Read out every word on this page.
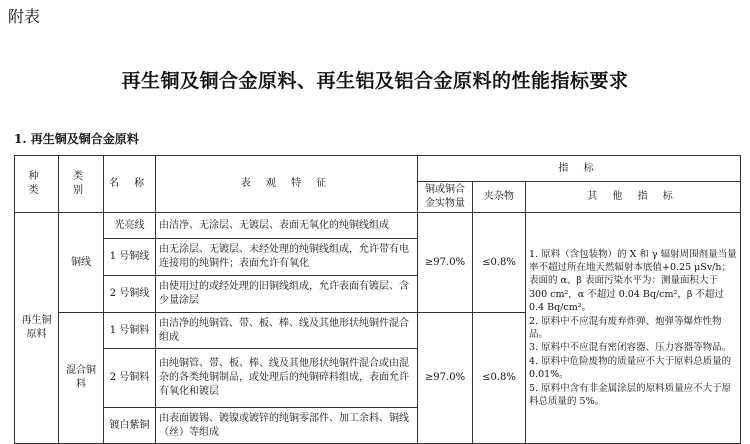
附表
再生铜及铜合金原料、再生铝及铝合金原料的性能指标要求
1. 再生铜及铜合金原料
种 类	类 别	名 称	表 观 特 征	指 标		
				铜或铜合金实物量	夹杂物	其 他 指 标
再生铜原料	铜线	光亮线	由洁净、无涂层、无镀层、表面无氧化的纯铜线组成	≥97.0%	≤0.8%	1. 原料（含包装物）的 X 和 γ 辐射周围剂量当量率不超过所在地天然辐射本底值+0.25 μSv/h；表面的 α、β 表面污染水平为：测量面积大于 300 cm²，α 不超过 0.04 Bq/cm²，β 不超过 0.4 Bq/cm²。
2. 原料中不应混有废弃炸弹、炮弹等爆炸性物品。
3. 原料中不应混有密闭容器、压力容器等物品。
4. 原料中危险废物的质量应不大于原料总质量的 0.01%。
5. 原料中含有非金属涂层的原料质量应不大于原料总质量的 5%。

		1 号铜线	由无涂层、无镀层、未经处理的纯铜线组成，允许带有电连接用的纯铜件；表面允许有氧化			
		2 号铜线	由使用过的或经处理的旧铜线组成，允许表面有镀层、含少量涂层			
	混合铜料	1 号铜料	由洁净的纯铜管、带、板、棒、线及其他形状纯铜件混合组成	≥97.0%	≤0.8%	
		2 号铜料	由纯铜管、带、板、棒、线及其他形状纯铜件混合或由混杂的各类纯铜制品，或处理后的纯铜碎料组成，表面允许有氧化和镀层			
		镀白紫铜	由表面镀锡、镀镍或镀锌的纯铜零部件、加工余料、铜线（丝）等组成			
